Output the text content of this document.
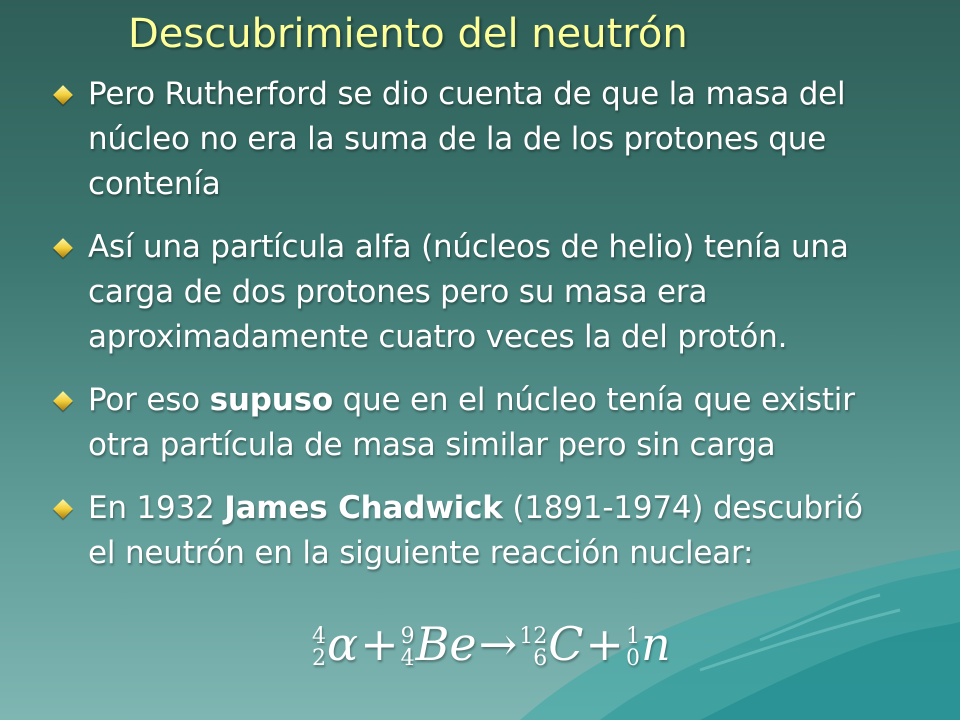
Descubrimiento del neutrón
Pero Rutherford se dio cuenta de que la masa del núcleo no era la suma de la de los protones que contenía
Así una partícula alfa (núcleos de helio) tenía una carga de dos protones pero su masa era aproximadamente cuatro veces la del protón.
Por eso supuso que en el núcleo tenía que existir otra partícula de masa similar pero sin carga
En 1932 James Chadwick (1891-1974) descubrió el neutrón en la siguiente reacción nuclear:
4
2 α+ 9
4 Be→ 12
6 C+ 1
0 n
